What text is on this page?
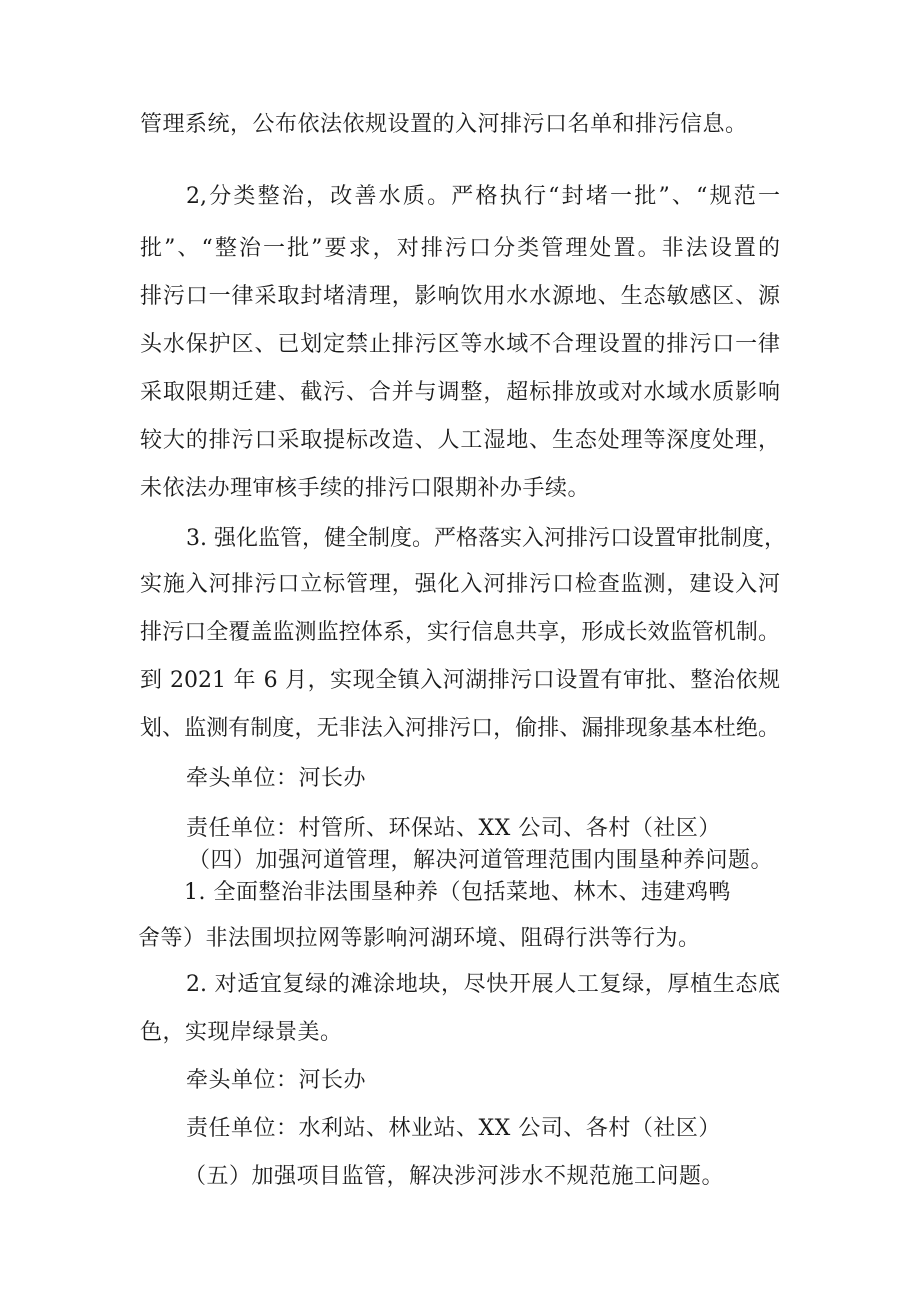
管理系统，公布依法依规设置的入河排污口名单和排污信息。
2,分类整治，改善水质。严格执行“封堵一批”、“规范一
批”、“整治一批”要求，对排污口分类管理处置。非法设置的
排污口一律采取封堵清理，影响饮用水水源地、生态敏感区、源
头水保护区、已划定禁止排污区等水域不合理设置的排污口一律
采取限期迁建、截污、合并与调整，超标排放或对水域水质影响
较大的排污口采取提标改造、人工湿地、生态处理等深度处理，
未依法办理审核手续的排污口限期补办手续。
3. 强化监管，健全制度。严格落实入河排污口设置审批制度，
实施入河排污口立标管理，强化入河排污口检查监测，建设入河
排污口全覆盖监测监控体系，实行信息共享，形成长效监管机制。
到 2021 年 6 月，实现全镇入河湖排污口设置有审批、整治依规
划、监测有制度，无非法入河排污口，偷排、漏排现象基本杜绝。
牵头单位：河长办
责任单位：村管所、环保站、XX 公司、各村（社区）
（四）加强河道管理，解决河道管理范围内围垦种养问题。
1. 全面整治非法围垦种养（包括菜地、林木、违建鸡鸭
舍等）非法围坝拉网等影响河湖环境、阻碍行洪等行为。
2. 对适宜复绿的滩涂地块，尽快开展人工复绿，厚植生态底
色，实现岸绿景美。
牵头单位：河长办
责任单位：水利站、林业站、XX 公司、各村（社区）
（五）加强项目监管，解决涉河涉水不规范施工问题。
